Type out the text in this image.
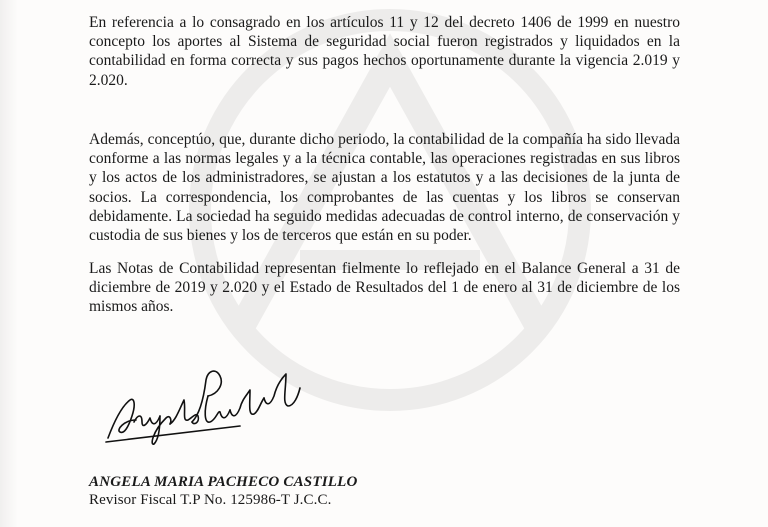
En referencia a lo consagrado en los artículos 11 y 12 del decreto 1406 de 1999 en nuestro concepto los aportes al Sistema de seguridad social fueron registrados y liquidados en la contabilidad en forma correcta y sus pagos hechos oportunamente durante la vigencia 2.019 y 2.020.

Además, conceptúo, que, durante dicho periodo, la contabilidad de la compañía ha sido llevada conforme a las normas legales y a la técnica contable, las operaciones registradas en sus libros y los actos de los administradores, se ajustan a los estatutos y a las decisiones de la junta de socios. La correspondencia, los comprobantes de las cuentas y los libros se conservan debidamente. La sociedad ha seguido medidas adecuadas de control interno, de conservación y custodia de sus bienes y los de terceros que están en su poder.

Las Notas de Contabilidad representan fielmente lo reflejado en el Balance General a 31 de diciembre de 2019 y 2.020 y el Estado de Resultados del 1 de enero al 31 de diciembre de los mismos años.

ANGELA MARIA PACHECO CASTILLO

Revisor Fiscal T.P No. 125986-T J.C.C.
